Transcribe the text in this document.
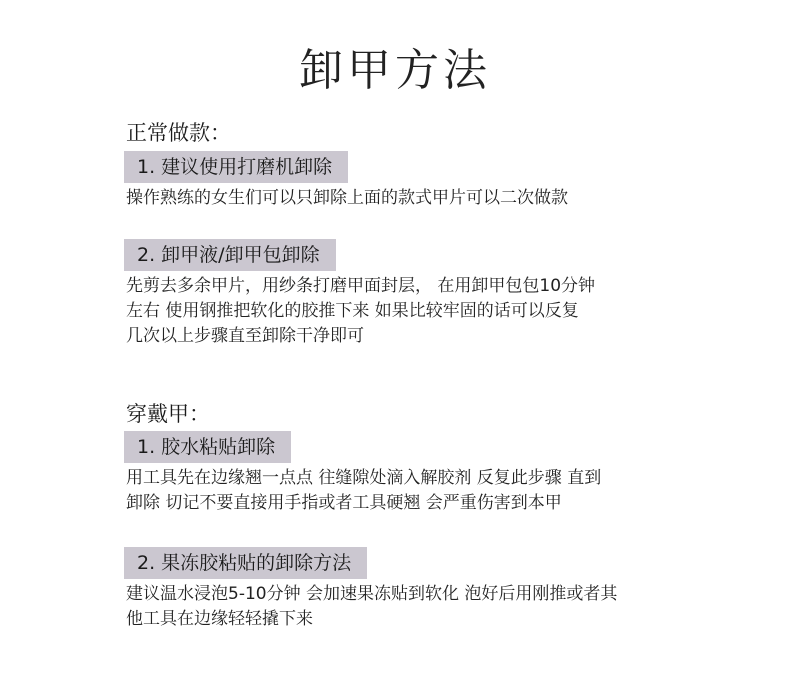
卸甲方法
正常做款：
1. 建议使用打磨机卸除
操作熟练的女生们可以只卸除上面的款式甲片可以二次做款
2. 卸甲液/卸甲包卸除
先剪去多余甲片，用纱条打磨甲面封层， 在用卸甲包包10分钟
左右 使用钢推把软化的胶推下来 如果比较牢固的话可以反复
几次以上步骤直至卸除干净即可
穿戴甲：
1. 胶水粘贴卸除
用工具先在边缘翘一点点 往缝隙处滴入解胶剂 反复此步骤 直到
卸除 切记不要直接用手指或者工具硬翘 会严重伤害到本甲
2. 果冻胶粘贴的卸除方法
建议温水浸泡5-10分钟 会加速果冻贴到软化 泡好后用刚推或者其
他工具在边缘轻轻撬下来
